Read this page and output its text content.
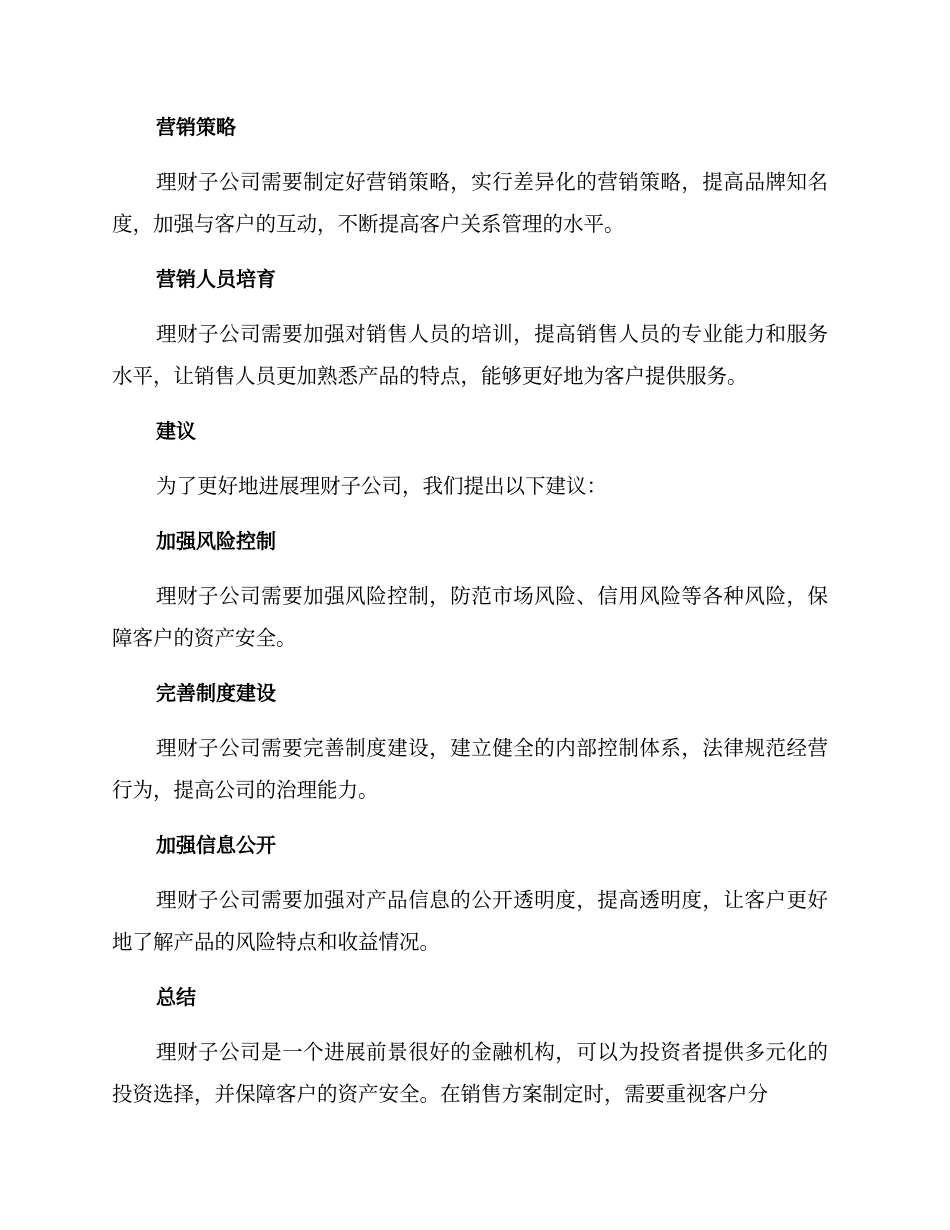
营销策略

理财子公司需要制定好营销策略，实行差异化的营销策略，提高品牌知名度，加强与客户的互动，不断提高客户关系管理的水平。

营销人员培育

理财子公司需要加强对销售人员的培训，提高销售人员的专业能力和服务水平，让销售人员更加熟悉产品的特点，能够更好地为客户提供服务。

建议

为了更好地进展理财子公司，我们提出以下建议：

加强风险控制

理财子公司需要加强风险控制，防范市场风险、信用风险等各种风险，保障客户的资产安全。

完善制度建设

理财子公司需要完善制度建设，建立健全的内部控制体系，法律规范经营行为，提高公司的治理能力。

加强信息公开

理财子公司需要加强对产品信息的公开透明度，提高透明度，让客户更好地了解产品的风险特点和收益情况。

总结

理财子公司是一个进展前景很好的金融机构，可以为投资者提供多元化的投资选择，并保障客户的资产安全。在销售方案制定时，需要重视客户分
